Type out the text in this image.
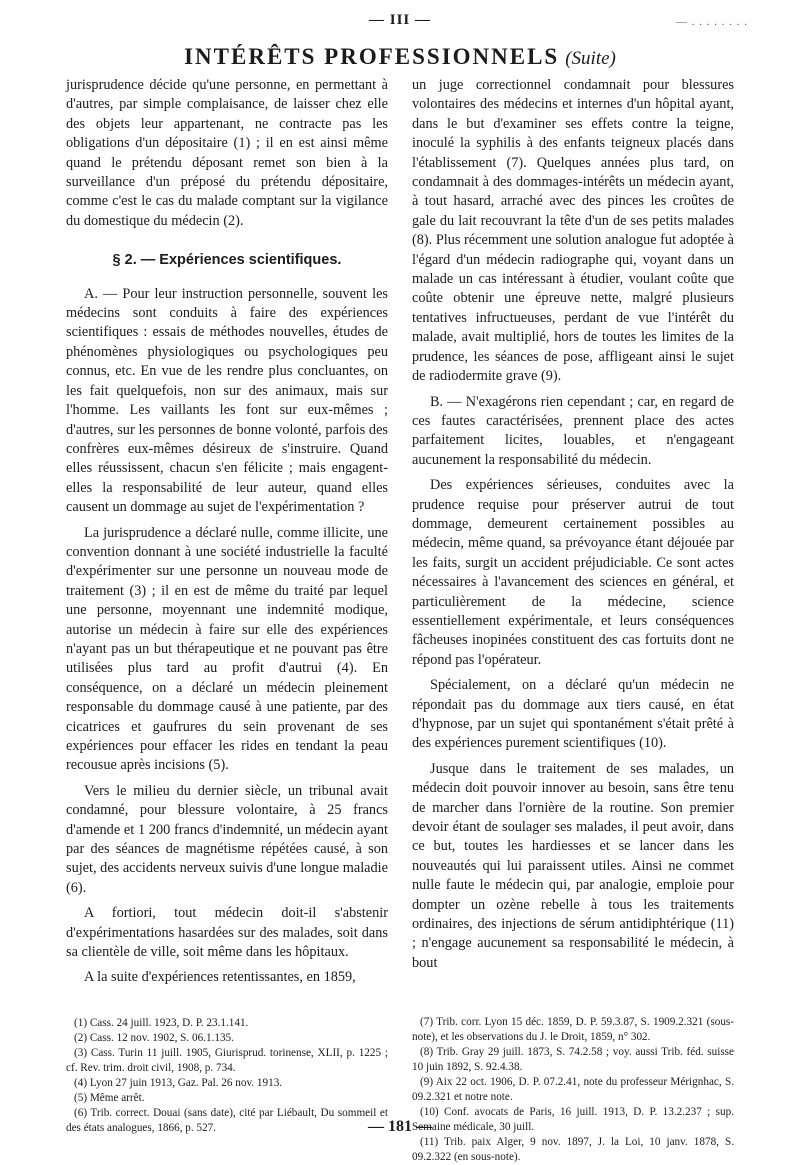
— III —	— . . . . . . . .
INTÉRÊTS PROFESSIONNELS (Suite)

jurisprudence décide qu'une personne, en permettant à d'autres, par simple complaisance, de laisser chez elle des objets leur appartenant, ne contracte pas les obligations d'un dépositaire (1) ; il en est ainsi même quand le prétendu déposant remet son bien à la surveillance d'un préposé du prétendu dépositaire, comme c'est le cas du malade comptant sur la vigilance du domestique du médecin (2).

§ 2. — Expériences scientifiques.

A. — Pour leur instruction personnelle, souvent les médecins sont conduits à faire des expériences scientifiques : essais de méthodes nouvelles, études de phénomènes physiologiques ou psychologiques peu connus, etc. En vue de les rendre plus concluantes, on les fait quelquefois, non sur des animaux, mais sur l'homme. Les vaillants les font sur eux-mêmes ; d'autres, sur les personnes de bonne volonté, parfois des confrères eux-mêmes désireux de s'instruire. Quand elles réussissent, chacun s'en félicite ; mais engagent-elles la responsabilité de leur auteur, quand elles causent un dommage au sujet de l'expérimentation ?

La jurisprudence a déclaré nulle, comme illicite, une convention donnant à une société industrielle la faculté d'expérimenter sur une personne un nouveau mode de traitement (3) ; il en est de même du traité par lequel une personne, moyennant une indemnité modique, autorise un médecin à faire sur elle des expériences n'ayant pas un but thérapeutique et ne pouvant pas être utilisées plus tard au profit d'autrui (4). En conséquence, on a déclaré un médecin pleinement responsable du dommage causé à une patiente, par des cicatrices et gaufrures du sein provenant de ses expériences pour effacer les rides en tendant la peau recousue après incisions (5).

Vers le milieu du dernier siècle, un tribunal avait condamné, pour blessure volontaire, à 25 francs d'amende et 1 200 francs d'indemnité, un médecin ayant par des séances de magnétisme répétées causé, à son sujet, des accidents nerveux suivis d'une longue maladie (6).

A fortiori, tout médecin doit-il s'abstenir d'expérimentations hasardées sur des malades, soit dans sa clientèle de ville, soit même dans les hôpitaux.

A la suite d'expériences retentissantes, en 1859,

un juge correctionnel condamnait pour blessures volontaires des médecins et internes d'un hôpital ayant, dans le but d'examiner ses effets contre la teigne, inoculé la syphilis à des enfants teigneux placés dans l'établissement (7). Quelques années plus tard, on condamnait à des dommages-intérêts un médecin ayant, à tout hasard, arraché avec des pinces les croûtes de gale du lait recouvrant la tête d'un de ses petits malades (8). Plus récemment une solution analogue fut adoptée à l'égard d'un médecin radiographe qui, voyant dans un malade un cas intéressant à étudier, voulant coûte que coûte obtenir une épreuve nette, malgré plusieurs tentatives infructueuses, perdant de vue l'intérêt du malade, avait multiplié, hors de toutes les limites de la prudence, les séances de pose, affligeant ainsi le sujet de radiodermite grave (9).

B. — N'exagérons rien cependant ; car, en regard de ces fautes caractérisées, prennent place des actes parfaitement licites, louables, et n'engageant aucunement la responsabilité du médecin.

Des expériences sérieuses, conduites avec la prudence requise pour préserver autrui de tout dommage, demeurent certainement possibles au médecin, même quand, sa prévoyance étant déjouée par les faits, surgit un accident préjudiciable. Ce sont actes nécessaires à l'avancement des sciences en général, et particulièrement de la médecine, science essentiellement expérimentale, et leurs conséquences fâcheuses inopinées constituent des cas fortuits dont ne répond pas l'opérateur.

Spécialement, on a déclaré qu'un médecin ne répondait pas du dommage aux tiers causé, en état d'hypnose, par un sujet qui spontanément s'était prêté à des expériences purement scientifiques (10).

Jusque dans le traitement de ses malades, un médecin doit pouvoir innover au besoin, sans être tenu de marcher dans l'ornière de la routine. Son premier devoir étant de soulager ses malades, il peut avoir, dans ce but, toutes les hardiesses et se lancer dans les nouveautés qui lui paraissent utiles. Ainsi ne commet nulle faute le médecin qui, par analogie, emploie pour dompter un ozène rebelle à tous les traitements ordinaires, des injections de sérum antidiphtérique (11) ; n'engage aucunement sa responsabilité le médecin, à bout

(1) Cass. 24 juill. 1923, D. P. 23.1.141.

(2) Cass. 12 nov. 1902, S. 06.1.135.

(3) Cass. Turin 11 juill. 1905, Giurisprud. torinense, XLII, p. 1225 ; cf. Rev. trim. droit civil, 1908, p. 734.

(4) Lyon 27 juin 1913, Gaz. Pal. 26 nov. 1913.

(5) Même arrêt.

(6) Trib. correct. Douai (sans date), cité par Liébault, Du sommeil et des états analogues, 1866, p. 527.

(7) Trib. corr. Lyon 15 déc. 1859, D. P. 59.3.87, S. 1909.2.321 (sous-note), et les observations du J. le Droit, 1859, n° 302.

(8) Trib. Gray 29 juill. 1873, S. 74.2.58 ; voy. aussi Trib. féd. suisse 10 juin 1892, S. 92.4.38.

(9) Aix 22 oct. 1906, D. P. 07.2.41, note du professeur Mérignhac, S. 09.2.321 et notre note.

(10) Conf. avocats de Paris, 16 juill. 1913, D. P. 13.2.237 ; sup. Semaine médicale, 30 juill.

(11) Trib. paix Alger, 9 nov. 1897, J. la Loi, 10 janv. 1878, S. 09.2.322 (en sous-note).

— 181 —
